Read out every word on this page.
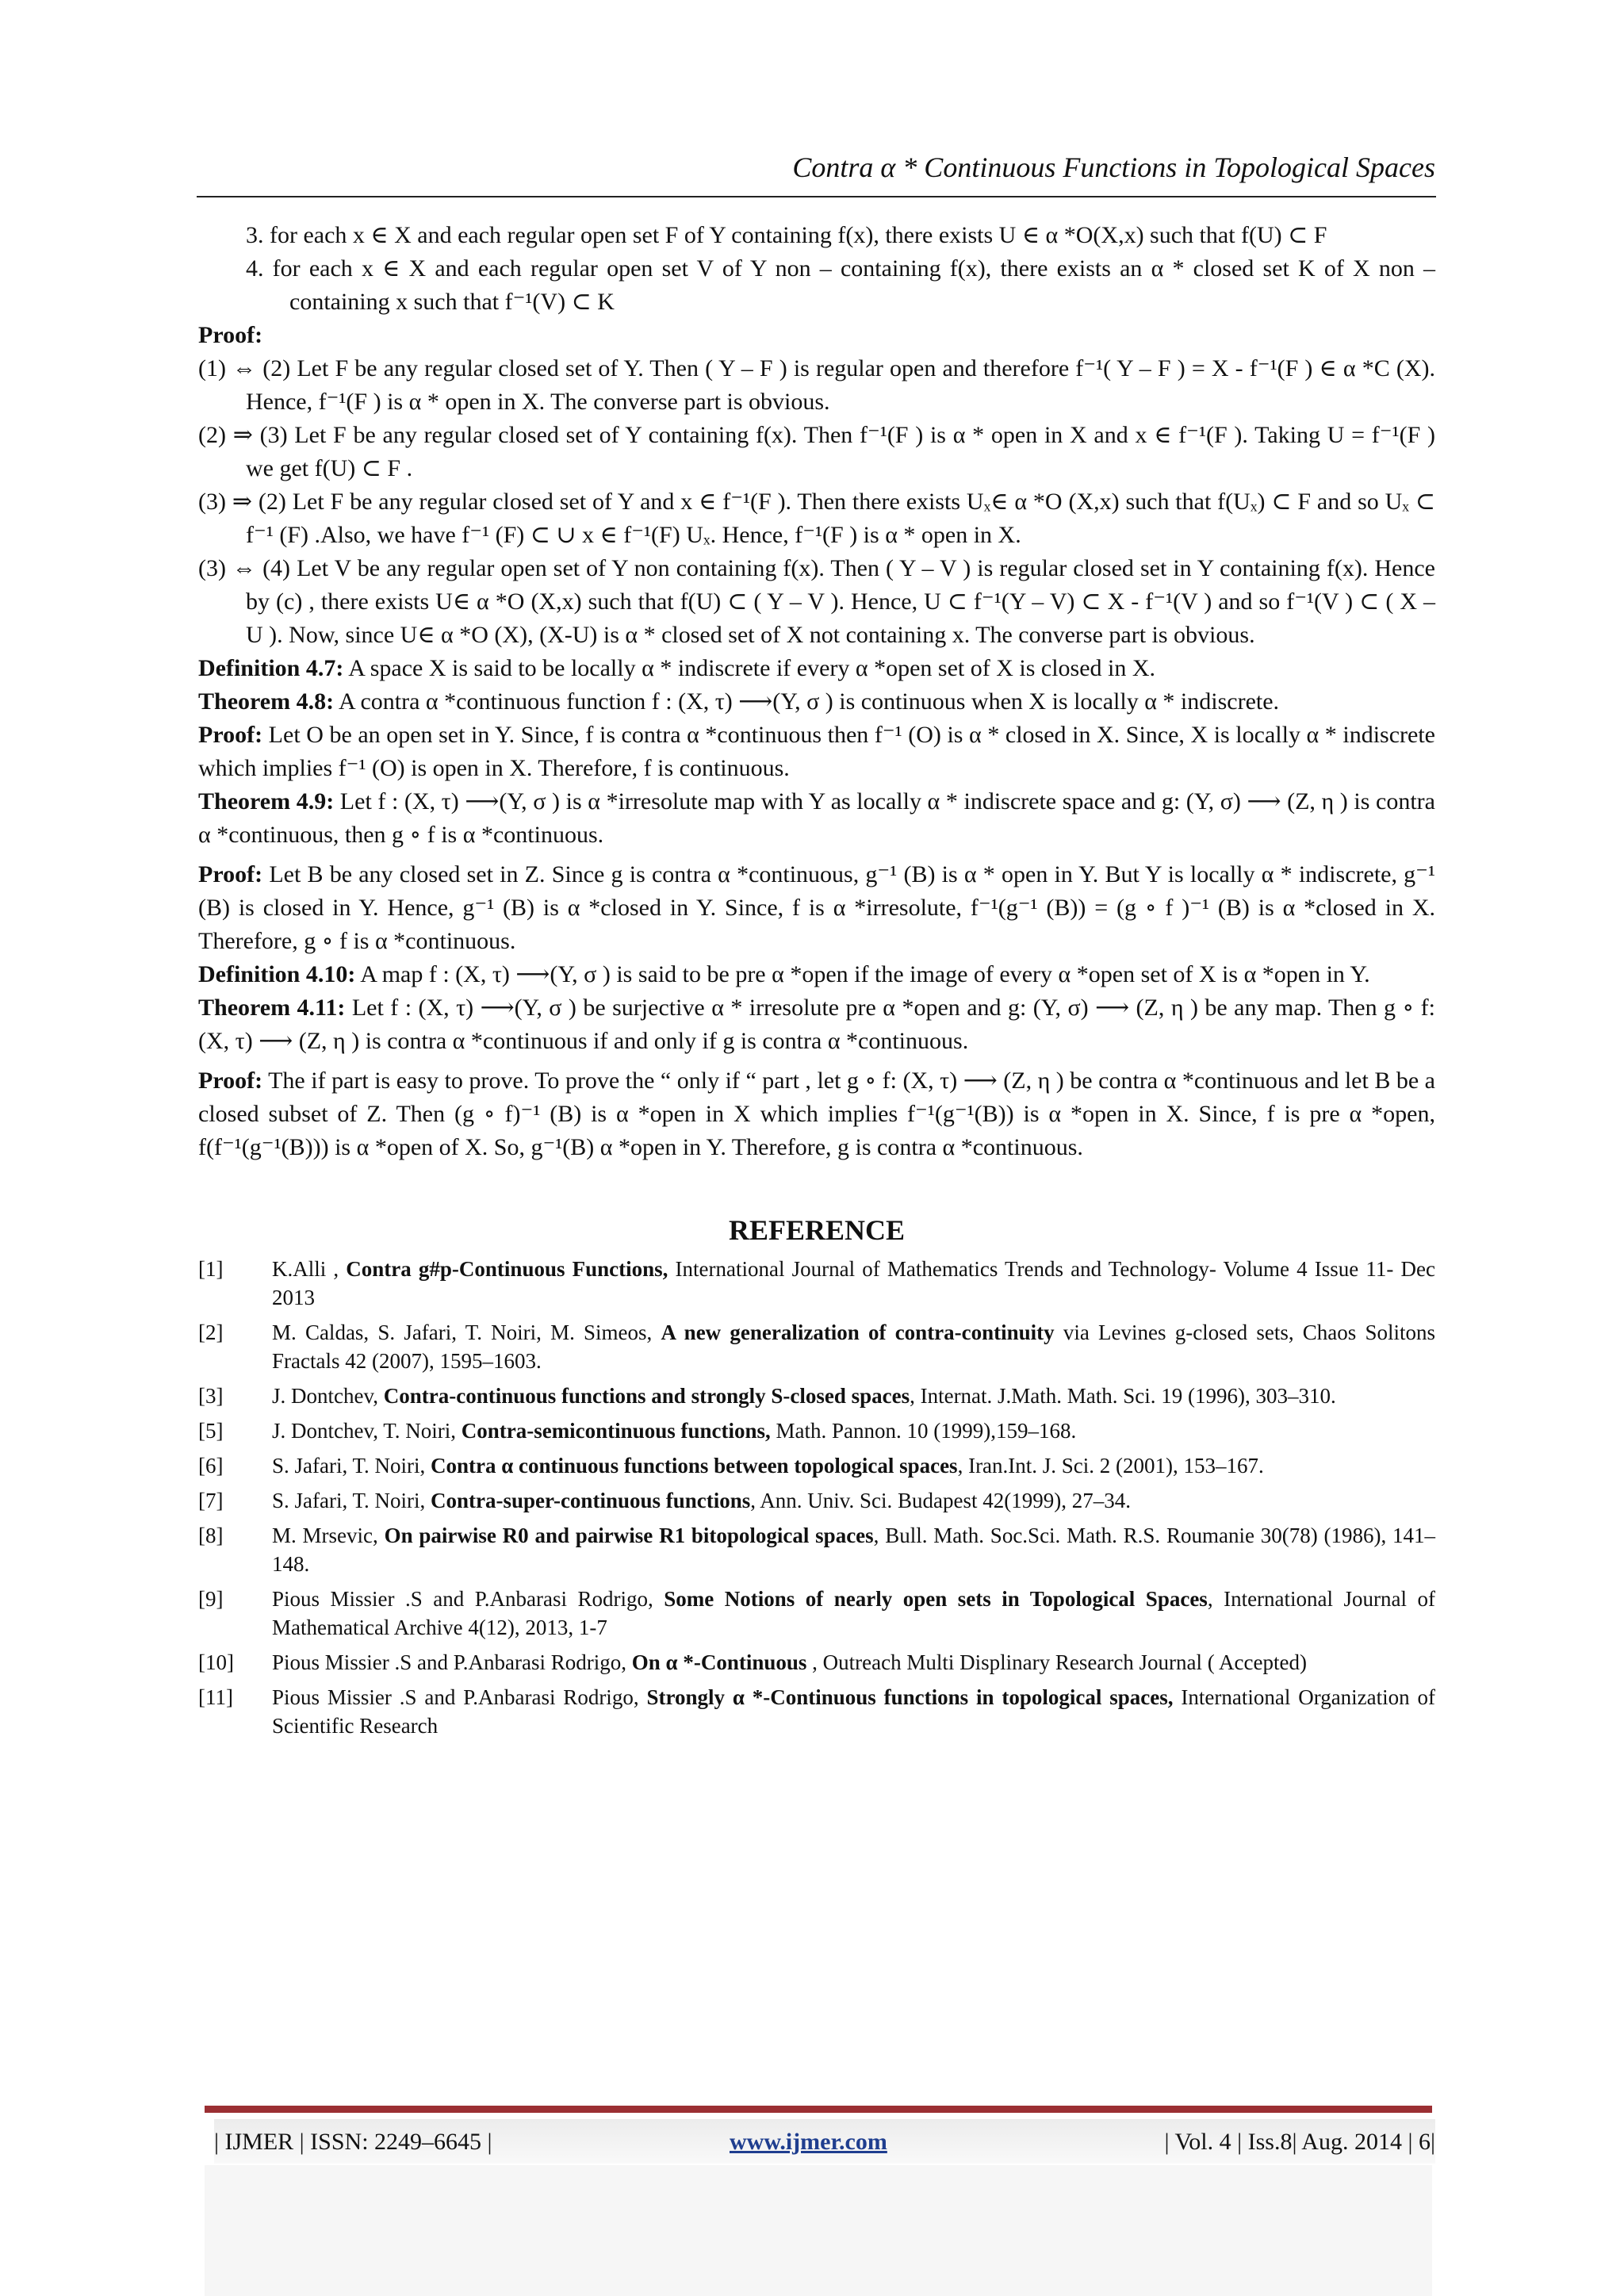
Contra α * Continuous Functions in Topological Spaces

3. for each x ∈ X and each regular open set F of Y containing f(x), there exists U ∈ α *O(X,x) such that f(U) ⊂ F

4. for each x ∈ X and each regular open set V of Y non – containing f(x), there exists an α * closed set K of X non – containing x such that f⁻¹(V) ⊂ K

Proof:

(1) ⇔ (2) Let F be any regular closed set of Y. Then ( Y – F ) is regular open and therefore f⁻¹( Y – F ) = X - f⁻¹(F ) ∈ α *C (X). Hence, f⁻¹(F ) is α * open in X. The converse part is obvious.

(2) ⇒ (3) Let F be any regular closed set of Y containing f(x). Then f⁻¹(F ) is α * open in X and x ∈ f⁻¹(F ). Taking U = f⁻¹(F ) we get f(U) ⊂ F .

(3) ⇒ (2) Let F be any regular closed set of Y and x ∈ f⁻¹(F ). Then there exists Uₓ∈ α *O (X,x) such that f(Uₓ) ⊂ F and so Uₓ ⊂ f⁻¹ (F) .Also, we have f⁻¹ (F) ⊂ ∪ x ∈ f⁻¹(F) Uₓ. Hence, f⁻¹(F ) is α * open in X.

(3) ⇔ (4) Let V be any regular open set of Y non containing f(x). Then ( Y – V ) is regular closed set in Y containing f(x). Hence by (c) , there exists U∈ α *O (X,x) such that f(U) ⊂ ( Y – V ). Hence, U ⊂ f⁻¹(Y – V) ⊂ X - f⁻¹(V ) and so f⁻¹(V ) ⊂ ( X – U ). Now, since U∈ α *O (X), (X-U) is α * closed set of X not containing x. The converse part is obvious.

Definition 4.7: A space X is said to be locally α * indiscrete if every α *open set of X is closed in X.

Theorem 4.8: A contra α *continuous function f : (X, τ) ⟶(Y, σ ) is continuous when X is locally α * indiscrete.

Proof: Let O be an open set in Y. Since, f is contra α *continuous then f⁻¹ (O) is α * closed in X. Since, X is locally α * indiscrete which implies f⁻¹ (O) is open in X. Therefore, f is continuous.

Theorem 4.9: Let f : (X, τ) ⟶(Y, σ ) is α *irresolute map with Y as locally α * indiscrete space and g: (Y, σ) ⟶ (Z, η ) is contra α *continuous, then g ∘ f is α *continuous.

Proof: Let B be any closed set in Z. Since g is contra α *continuous, g⁻¹ (B) is α * open in Y. But Y is locally α * indiscrete, g⁻¹ (B) is closed in Y. Hence, g⁻¹ (B) is α *closed in Y. Since, f is α *irresolute, f⁻¹(g⁻¹ (B)) = (g ∘ f )⁻¹ (B) is α *closed in X. Therefore, g ∘ f is α *continuous.

Definition 4.10: A map f : (X, τ) ⟶(Y, σ ) is said to be pre α *open if the image of every α *open set of X is α *open in Y.

Theorem 4.11: Let f : (X, τ) ⟶(Y, σ ) be surjective α * irresolute pre α *open and g: (Y, σ) ⟶ (Z, η ) be any map. Then g ∘ f: (X, τ) ⟶ (Z, η ) is contra α *continuous if and only if g is contra α *continuous.

Proof: The if part is easy to prove. To prove the “ only if “ part , let g ∘ f: (X, τ) ⟶ (Z, η ) be contra α *continuous and let B be a closed subset of Z. Then (g ∘ f)⁻¹ (B) is α *open in X which implies f⁻¹(g⁻¹(B)) is α *open in X. Since, f is pre α *open, f(f⁻¹(g⁻¹(B))) is α *open of X. So, g⁻¹(B) α *open in Y. Therefore, g is contra α *continuous.

REFERENCE
[1]	K.Alli , Contra g#p-Continuous Functions, International Journal of Mathematics Trends and Technology- Volume 4 Issue 11- Dec 2013
[2]	M. Caldas, S. Jafari, T. Noiri, M. Simeos, A new generalization of contra-continuity via Levines g-closed sets, Chaos Solitons Fractals 42 (2007), 1595–1603.
[3]	J. Dontchev, Contra-continuous functions and strongly S-closed spaces, Internat. J.Math. Math. Sci. 19 (1996), 303–310.
[5]	J. Dontchev, T. Noiri, Contra-semicontinuous functions, Math. Pannon. 10 (1999),159–168.
[6]	S. Jafari, T. Noiri, Contra α continuous functions between topological spaces, Iran.Int. J. Sci. 2 (2001), 153–167.
[7]	S. Jafari, T. Noiri, Contra-super-continuous functions, Ann. Univ. Sci. Budapest 42(1999), 27–34.
[8]	M. Mrsevic, On pairwise R0 and pairwise R1 bitopological spaces, Bull. Math. Soc.Sci. Math. R.S. Roumanie 30(78) (1986), 141–148.
[9]	Pious Missier .S and P.Anbarasi Rodrigo, Some Notions of nearly open sets in Topological Spaces, International Journal of Mathematical Archive 4(12), 2013, 1-7
[10]	Pious Missier .S and P.Anbarasi Rodrigo, On α *-Continuous , Outreach Multi Displinary Research Journal ( Accepted)
[11]	Pious Missier .S and P.Anbarasi Rodrigo, Strongly α *-Continuous functions in topological spaces, International Organization of Scientific Research
| IJMER | ISSN: 2249–6645 |	www.ijmer.com	| Vol. 4 | Iss.8| Aug. 2014 | 6|
